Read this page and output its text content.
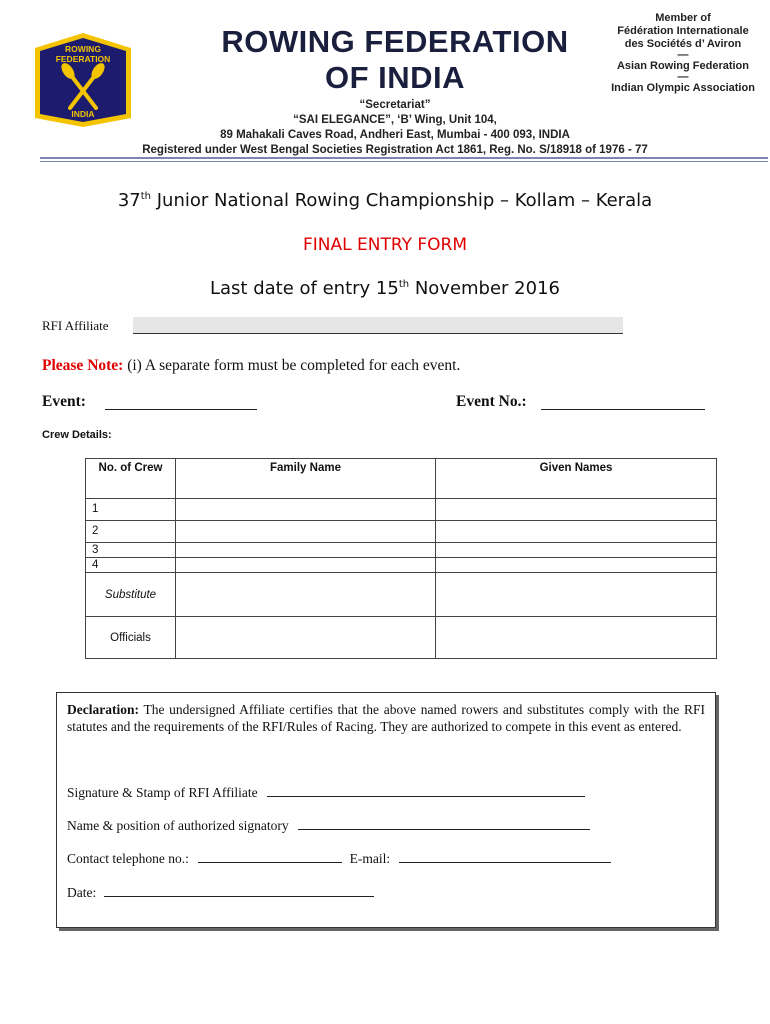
ROWING
FEDERATION
INDIA
ROWING FEDERATION
OF INDIA
“Secretariat”
“SAI ELEGANCE”, ‘B’ Wing, Unit 104,
89 Mahakali Caves Road, Andheri East, Mumbai - 400 093, INDIA
Registered under West Bengal Societies Registration Act 1861, Reg. No. S/18918 of 1976 - 77
Member of
Fédération Internationale
des Sociétés d’ Aviron
—
Asian Rowing Federation
—
Indian Olympic Association
37th Junior National Rowing Championship – Kollam – Kerala
FINAL ENTRY FORM
Last date of entry 15th November 2016
RFI Affiliate
Please Note: (i) A separate form must be completed for each event.
Event:	Event No.:
Crew Details:
No. of Crew	Family Name	Given Names
1		
2		
3		
4		
Substitute		
Officials		

Declaration: The undersigned Affiliate certifies that the above named rowers and substitutes comply with the RFI statutes and the requirements of the RFI/Rules of Racing. They are authorized to compete in this event as entered.

Signature & Stamp of RFI Affiliate
Name & position of authorized signatory
Contact telephone no.:	E-mail:
Date:
